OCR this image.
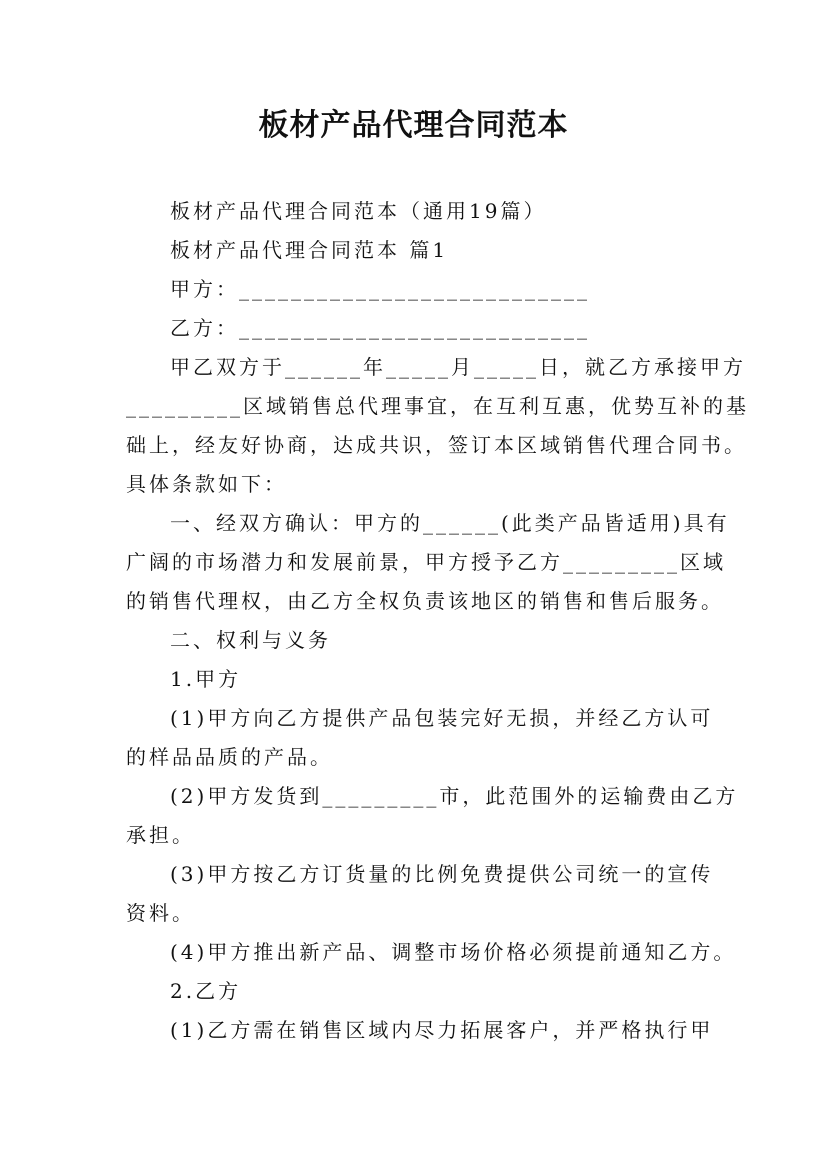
板材产品代理合同范本
板材产品代理合同范本（通用19篇）
板材产品代理合同范本 篇1
甲方：___________________________
乙方：___________________________
甲乙双方于______年_____月_____日，就乙方承接甲方
_________区域销售总代理事宜，在互利互惠，优势互补的基
础上，经友好协商，达成共识，签订本区域销售代理合同书。
具体条款如下：
一、经双方确认：甲方的______(此类产品皆适用)具有
广阔的市场潜力和发展前景，甲方授予乙方_________区域
的销售代理权，由乙方全权负责该地区的销售和售后服务。
二、权利与义务
1.甲方
(1)甲方向乙方提供产品包装完好无损，并经乙方认可
的样品品质的产品。
(2)甲方发货到_________市，此范围外的运输费由乙方
承担。
(3)甲方按乙方订货量的比例免费提供公司统一的宣传
资料。
(4)甲方推出新产品、调整市场价格必须提前通知乙方。
2.乙方
(1)乙方需在销售区域内尽力拓展客户，并严格执行甲
